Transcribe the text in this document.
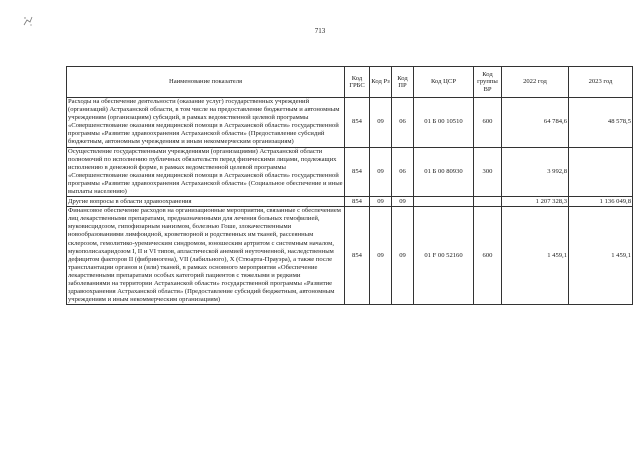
713
Наименование показателя	Код ГРБС	Код Рз	Код ПР	Код ЦСР	Код группы ВР	2022 год	2023 год
Расходы на обеспечение деятельности (оказание услуг) государственных учреждений (организаций) Астраханской области, в том числе на предоставление бюджетным и автономным учреждениям (организациям) субсидий, в рамках ведомственной целевой программы «Совершенствование оказания медицинской помощи в Астраханской области» государственной программы «Развитие здравоохранения Астраханской области» (Предоставление субсидий бюджетным, автономным учреждениям и иным некоммерческим организациям)	854	09	06	01 Б 00 10510	600	64 784,6	48 578,5
Осуществление государственными учреждениями (организациями) Астраханской области полномочий по исполнению публичных обязательств перед физическими лицами, подлежащих исполнению в денежной форме, в рамках ведомственной целевой программы «Совершенствование оказания медицинской помощи в Астраханской области» государственной программы «Развитие здравоохранения Астраханской области» (Социальное обеспечение и иные выплаты населению)	854	09	06	01 Б 00 80930	300	3 992,8	
Другие вопросы в области здравоохранения	854	09	09			1 207 328,3	1 136 049,8
Финансовое обеспечение расходов на организационные мероприятия, связанные с обеспечением лиц лекарственными препаратами, предназначенными для лечения больных гемофилией, муковисцидозом, гипофизарным нанизмом, болезнью Гоше, злокачественными новообразованиями лимфоидной, кроветворной и родственных им тканей, рассеянным склерозом, гемолитико-уремическим синдромом, юношеским артритом с системным началом, мукополисахаридозом I, II и VI типов, апластической анемией неуточненной, наследственным дефицитом факторов II (фибриногена), VII (лабильного), X (Стюарта-Прауэра), а также после трансплантации органов и (или) тканей, в рамках основного мероприятия «Обеспечение лекарственными препаратами особых категорий пациентов с тяжелыми и редкими заболеваниями на территории Астраханской области» государственной программы «Развитие здравоохранения Астраханской области» (Предоставление субсидий бюджетным, автономным учреждениям и иным некоммерческим организациям)	854	09	09	01 F 00 52160	600	1 459,1	1 459,1
